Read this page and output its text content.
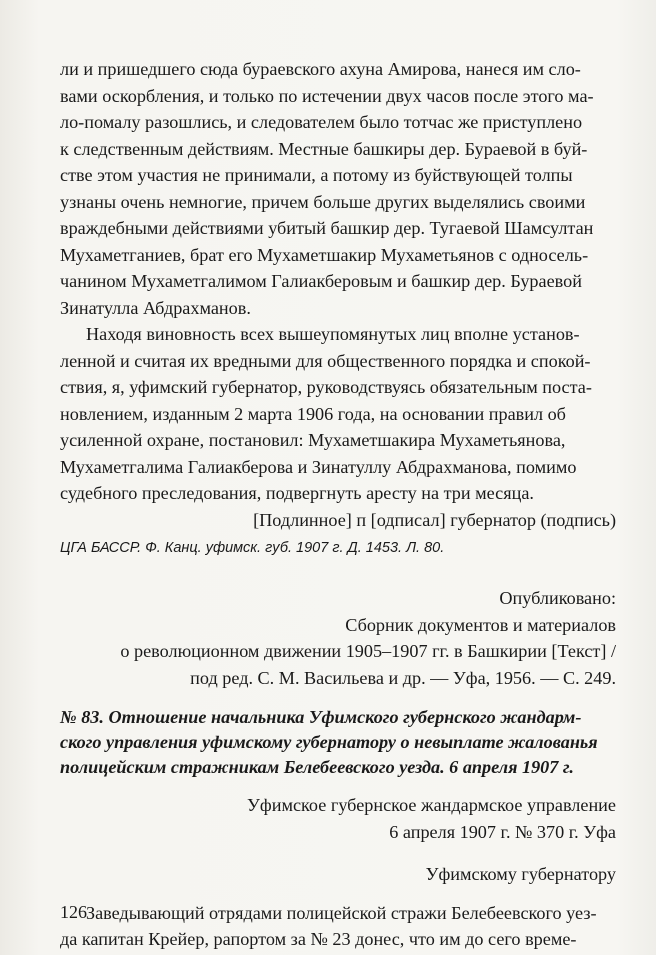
ли и пришедшего сюда бураевского ахуна Амирова, нанеся им сло-
вами оскорбления, и только по истечении двух часов после этого ма-
ло-помалу разошлись, и следователем было тотчас же приступлено
к следственным действиям. Местные башкиры дер. Бураевой в буй-
стве этом участия не принимали, а потому из буйствующей толпы
узнаны очень немногие, причем больше других выделялись своими
враждебными действиями убитый башкир дер. Тугаевой Шамсултан
Мухаметганиев, брат его Мухаметшакир Мухаметьянов с односель-
чанином Мухаметгалимом Галиакберовым и башкир дер. Бураевой
Зинатулла Абдрахманов.
Находя виновность всех вышеупомянутых лиц вполне установ-
ленной и считая их вредными для общественного порядка и спокой-
ствия, я, уфимский губернатор, руководствуясь обязательным поста-
новлением, изданным 2 марта 1906 года, на основании правил об
усиленной охране, постановил: Мухаметшакира Мухаметьянова,
Мухаметгалима Галиакберова и Зинатуллу Абдрахманова, помимо
судебного преследования, подвергнуть аресту на три месяца.
[Подлинное] п [одписал] губернатор (подпись)
ЦГА БАССР. Ф. Канц. уфимск. губ. 1907 г. Д. 1453. Л. 80.
Опубликовано:
Сборник документов и материалов
о революционном движении 1905–1907 гг. в Башкирии [Текст] /
под ред. С. М. Васильева и др. — Уфа, 1956. — С. 249.
№ 83. Отношение начальника Уфимского губернского жандарм-
ского управления уфимскому губернатору о невыплате жалованья
полицейским стражникам Белебеевского уезда. 6 апреля 1907 г.
Уфимское губернское жандармское управление
6 апреля 1907 г. № 370 г. Уфа
Уфимскому губернатору
Заведывающий отрядами полицейской стражи Белебеевского уез-
да капитан Крейер, рапортом за № 23 донес, что им до сего време-
126
